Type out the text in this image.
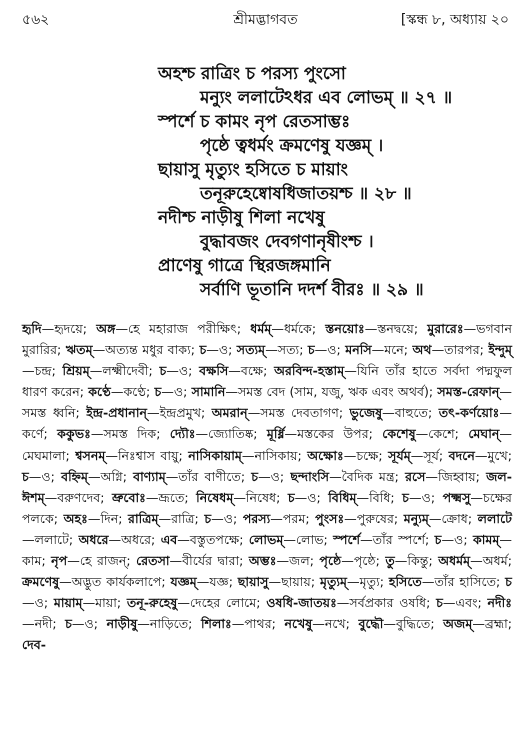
৫৬২	শ্রীমদ্ভাগবত	[স্কন্ধ ৮, অধ্যায় ২০
অহশ্চ রাত্রিং চ পরস্য পুংসো
মন্যুং ললাটেঽধর এব লোভম্‌ ॥ ২৭ ॥
স্পর্শে চ কামং নৃপ রেতসাম্ভঃ
পৃষ্ঠে ত্বধর্মং ক্রমণেষু যজ্ঞম্‌ ।
ছায়াসু মৃত্যুং হসিতে চ মায়াং
তনূরুহেষ্বোষধিজাতয়শ্চ ॥ ২৮ ॥
নদীশ্চ নাড়ীষু শিলা নখেষু
বুদ্ধাবজং দেবগণানৃষীংশ্চ ।
প্রাণেষু গাত্রে স্থিরজঙ্গমানি
সর্বাণি ভূতানি দদর্শ বীরঃ ॥ ২৯ ॥
হৃদি—হৃদয়ে; অঙ্গ—হে মহারাজ পরীক্ষিৎ; ধর্মম্‌—ধর্মকে; স্তনয়োঃ—স্তনদ্বয়ে; মুরারেঃ—ভগবান মুরারির; ঋতম্‌—অত্যন্ত মধুর বাক্য; চ—ও; সত্যম্‌—সত্য; চ—ও; মনসি—মনে; অথ—তারপর; ইন্দুম্‌—চন্দ্র; শ্রিয়ম্‌—লক্ষ্মীদেবী; চ—ও; বক্ষসি—বক্ষে; অরবিন্দ-হস্তাম্‌—যিনি তাঁর হাতে সর্বদা পদ্মফুল ধারণ করেন; কণ্ঠে—কণ্ঠে; চ—ও; সামানি—সমস্ত বেদ (সাম, যজু, ঋক এবং অথর্ব); সমস্ত-রেফান্‌—সমস্ত ধ্বনি; ইন্দ্র-প্রধানান্‌—ইন্দ্রপ্রমুখ; অমরান্‌—সমস্ত দেবতাগণ; ভুজেষু—বাহুতে; তৎ-কর্ণয়োঃ—কর্ণে; ককুভঃ—সমস্ত দিক; দ্যৌঃ—জ্যোতিষ্ক; মূর্ধ্নি—মস্তকের উপর; কেশেষু—কেশে; মেঘান্‌—মেঘমালা; শ্বসনম্‌—নিঃশ্বাস বায়ু; নাসিকায়াম্‌—নাসিকায়; অক্ষোঃ—চক্ষে; সূর্যম্‌—সূর্য; বদনে—মুখে; চ—ও; বহ্নিম্‌—অগ্নি; বাণ্যাম্‌—তাঁর বাণীতে; চ—ও; ছন্দাংসি—বৈদিক মন্ত্র; রসে—জিহ্বায়; জল-ঈশম্‌—বরুণদেব; ভ্রুবোঃ—ভ্রূতে; নিষেধম্‌—নিষেধ; চ—ও; বিধিম্‌—বিধি; চ—ও; পক্ষ্মসু—চক্ষের পলকে; অহঃ—দিন; রাত্রিম্‌—রাত্রি; চ—ও; পরস্য—পরম; পুংসঃ—পুরুষের; মন্যুম্‌—ক্রোধ; ললাটে—ললাটে; অধরে—অধরে; এব—বস্তুতপক্ষে; লোভম্‌—লোভ; স্পর্শে—তাঁর স্পর্শে; চ—ও; কামম্‌—কাম; নৃপ—হে রাজন্‌; রেতসা—বীর্যের দ্বারা; অম্ভঃ—জল; পৃষ্ঠে—পৃষ্ঠে; তু—কিন্তু; অধর্মম্‌—অধর্ম; ক্রমণেষু—অদ্ভুত কার্যকলাপে; যজ্ঞম্‌—যজ্ঞ; ছায়াসু—ছায়ায়; মৃত্যুম্‌—মৃত্যু; হসিতে—তাঁর হাসিতে; চ—ও; মায়াম্‌—মায়া; তনূ-রুহেষু—দেহের লোমে; ওষধি-জাতয়ঃ—সর্বপ্রকার ওষধি; চ—এবং; নদীঃ—নদী; চ—ও; নাড়ীষু—নাড়িতে; শিলাঃ—পাথর; নখেষু—নখে; বুদ্ধৌ—বুদ্ধিতে; অজম্‌—ব্রহ্মা; দেব-
